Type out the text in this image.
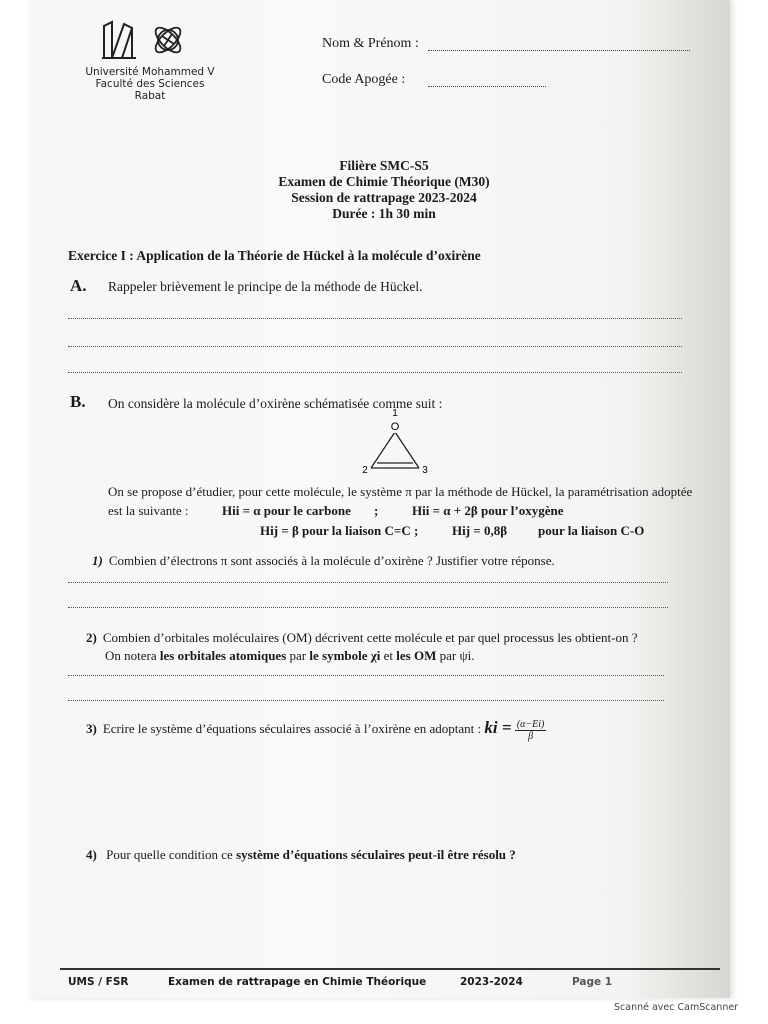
Université Mohammed V
Faculté des Sciences
Rabat
Nom & Prénom :
Code Apogée :
Filière SMC-S5
Examen de Chimie Théorique (M30)
Session de rattrapage 2023-2024
Durée : 1h 30 min
Exercice I : Application de la Théorie de Hückel à la molécule d’oxirène
A. Rappeler brièvement le principe de la méthode de Hückel.
B. On considère la molécule d’oxirène schématisée comme suit :
1
O
2	3
On se propose d’étudier, pour cette molécule, le système π par la méthode de Hückel, la paramétrisation adoptée
est la suivante :	Hii = α pour le carbone ;	Hii = α + 2β pour l’oxygène
Hij = β pour la liaison C=C ;	Hij = 0,8β pour la liaison C-O
1) Combien d’électrons π sont associés à la molécule d’oxirène ? Justifier votre réponse.
2) Combien d’orbitales moléculaires (OM) décrivent cette molécule et par quel processus les obtient-on ?
On notera les orbitales atomiques par le symbole χi et les OM par ψi.
3) Ecrire le système d’équations séculaires associé à l’oxirène en adoptant : ki = $\frac{(\alpha-Ei)}{\beta}$
4) Pour quelle condition ce système d’équations séculaires peut-il être résolu ?
UMS / FSR	Examen de rattrapage en Chimie Théorique	2023-2024	Page 1
Scanné avec CamScanner
